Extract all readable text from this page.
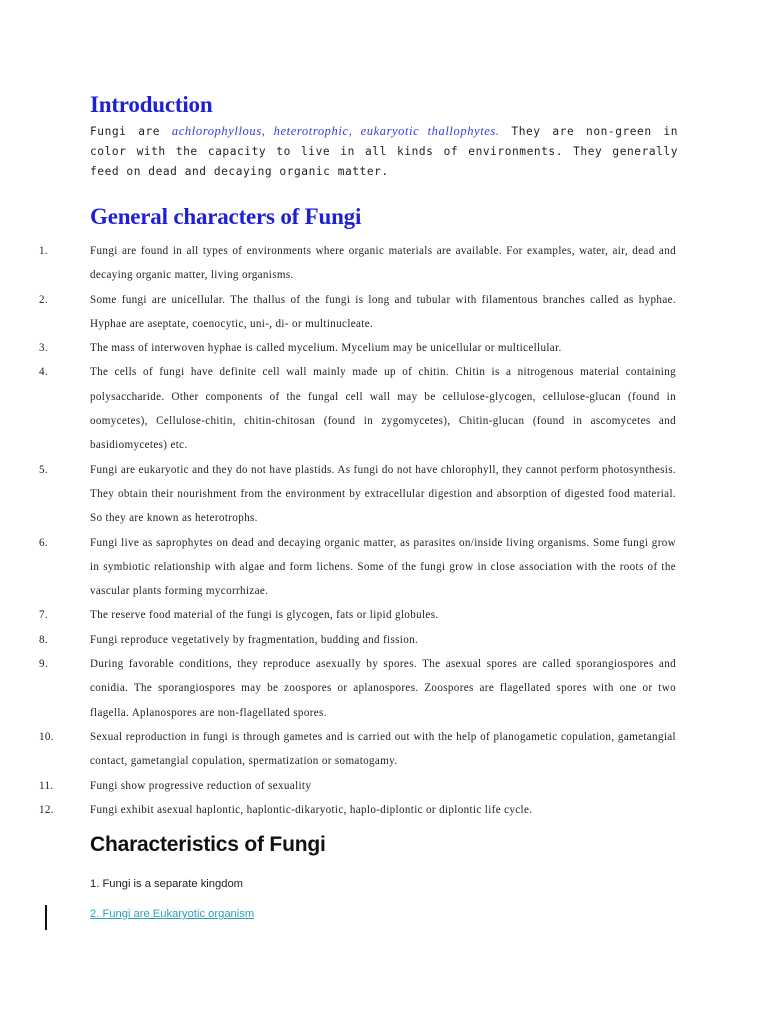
Introduction

Fungi are achlorophyllous, heterotrophic, eukaryotic thallophytes. They are non-green in color with the capacity to live in all kinds of environments. They generally feed on dead and decaying organic matter.

General characters of Fungi
1.	Fungi are found in all types of environments where organic materials are available. For examples, water, air, dead and decaying organic matter, living organisms.
2.	Some fungi are unicellular. The thallus of the fungi is long and tubular with filamentous branches called as hyphae. Hyphae are aseptate, coenocytic, uni-, di- or multinucleate.
3.	The mass of interwoven hyphae is called mycelium. Mycelium may be unicellular or multicellular.
4.	The cells of fungi have definite cell wall mainly made up of chitin. Chitin is a nitrogenous material containing polysaccharide. Other components of the fungal cell wall may be cellulose-glycogen, cellulose-glucan (found in oomycetes), Cellulose-chitin, chitin-chitosan (found in zygomycetes), Chitin-glucan (found in ascomycetes and basidiomycetes) etc.
5.	Fungi are eukaryotic and they do not have plastids. As fungi do not have chlorophyll, they cannot perform photosynthesis. They obtain their nourishment from the environment by extracellular digestion and absorption of digested food material. So they are known as heterotrophs.
6.	Fungi live as saprophytes on dead and decaying organic matter, as parasites on/inside living organisms. Some fungi grow in symbiotic relationship with algae and form lichens. Some of the fungi grow in close association with the roots of the vascular plants forming mycorrhizae.
7.	The reserve food material of the fungi is glycogen, fats or lipid globules.
8.	Fungi reproduce vegetatively by fragmentation, budding and fission.
9.	During favorable conditions, they reproduce asexually by spores. The asexual spores are called sporangiospores and conidia. The sporangiospores may be zoospores or aplanospores. Zoospores are flagellated spores with one or two flagella. Aplanospores are non-flagellated spores.
10.	Sexual reproduction in fungi is through gametes and is carried out with the help of planogametic copulation, gametangial contact, gametangial copulation, spermatization or somatogamy.
11.	Fungi show progressive reduction of sexuality
12.	Fungi exhibit asexual haplontic, haplontic-dikaryotic, haplo-diplontic or diplontic life cycle.
Characteristics of Fungi

1. Fungi is a separate kingdom

2. Fungi are Eukaryotic organism
